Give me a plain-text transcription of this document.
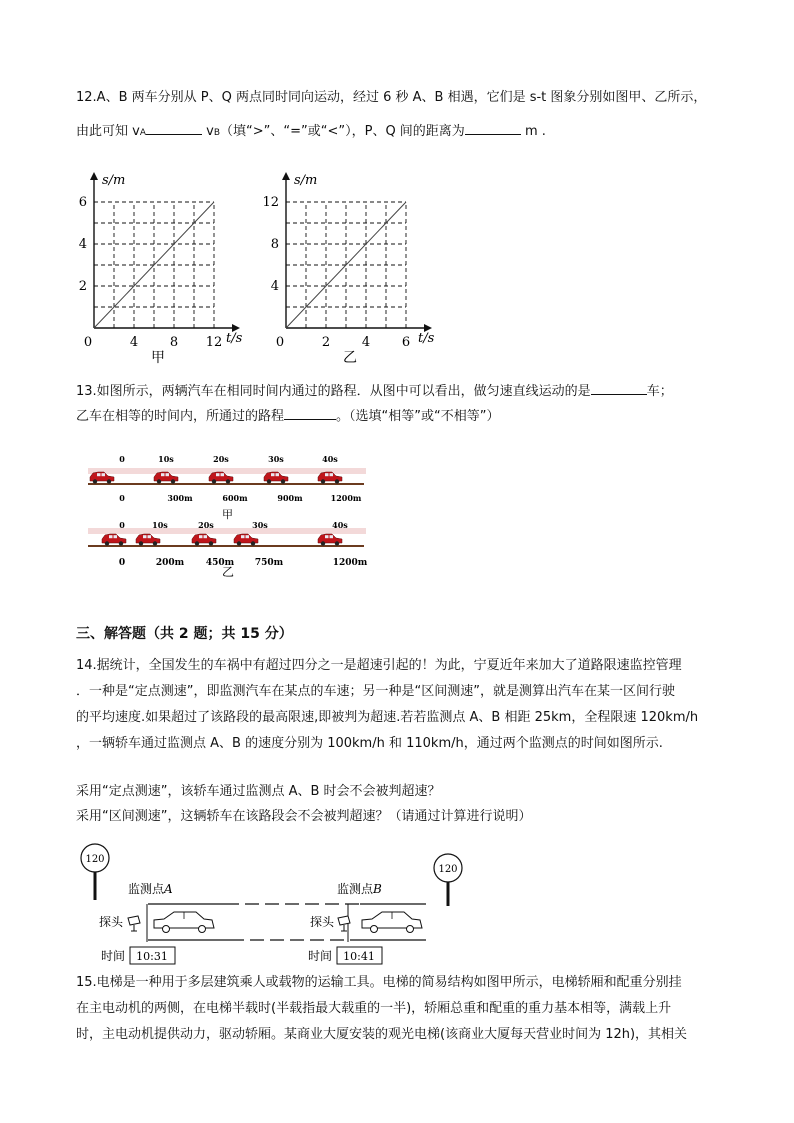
12.A、B 两车分别从 P、Q 两点同时同向运动，经过 6 秒 A、B 相遇，它们是 s-t 图象分别如图甲、乙所示，
由此可知 vA	vB（填“>”、“=”或“<”），P、Q 间的距离为	m .
0	4 8 12
2
4
6
s/m
t/s
甲
0	2 4 6
4
8
12
s/m
t/s
乙
13.如图所示，两辆汽车在相同时间内通过的路程．从图中可以看出，做匀速直线运动的是	车；
乙车在相等的时间内，所通过的路程	。（选填“相等”或“不相等”）
0	10s	20s	30s	40s
0	300m	600m	900m	1200m
0	10s	20s	30s	40s
0	200m 450m 750m	1200m
甲
乙
三、解答题（共 2 题；共 15 分）
14.据统计，全国发生的车祸中有超过四分之一是超速引起的！为此，宁夏近年来加大了道路限速监控管理
．一种是“定点测速”，即监测汽车在某点的车速；另一种是“区间测速”，就是测算出汽车在某一区间行驶
的平均速度.如果超过了该路段的最高限速,即被判为超速.若若监测点 A、B 相距 25km，全程限速 120km/h
，一辆轿车通过监测点 A、B 的速度分别为 100km/h 和 110km/h，通过两个监测点的时间如图所示.
采用“定点测速”，该轿车通过监测点 A、B 时会不会被判超速？
采用“区间测速”，这辆轿车在该路段会不会被判超速？（请通过计算进行说明）
120
120
监测点A	监测点B
探头	探头
时间 10:31	时间 10:41
15.电梯是一种用于多层建筑乘人或载物的运输工具。电梯的简易结构如图甲所示，电梯轿厢和配重分别挂
在主电动机的两侧，在电梯半载时(半载指最大载重的一半)，轿厢总重和配重的重力基本相等，满载上升
时，主电动机提供动力，驱动轿厢。某商业大厦安装的观光电梯(该商业大厦每天营业时间为 12h)，其相关
